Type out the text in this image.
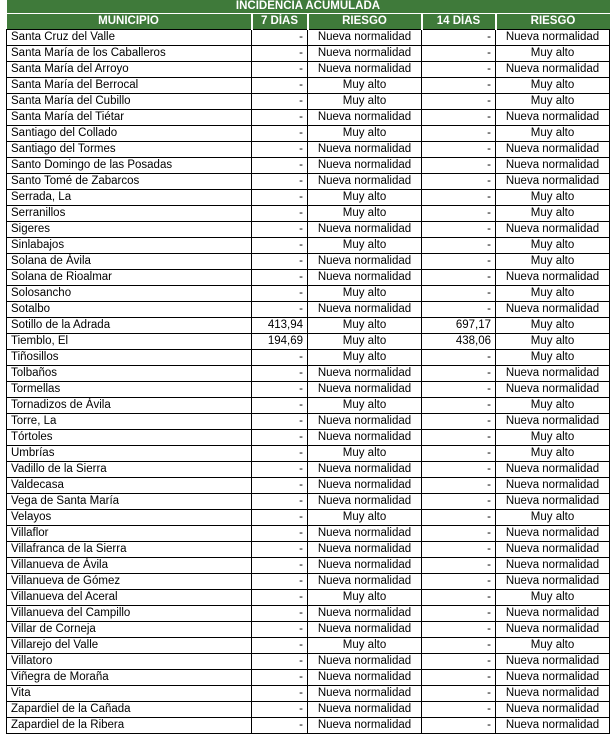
INCIDENCIA ACUMULADA				
MUNICIPIO	7 DÍAS	RIESGO	14 DÍAS	RIESGO
Santa Cruz del Valle	-	Nueva normalidad	-	Nueva normalidad
Santa María de los Caballeros	-	Nueva normalidad	-	Muy alto
Santa María del Arroyo	-	Nueva normalidad	-	Nueva normalidad
Santa María del Berrocal	-	Muy alto	-	Muy alto
Santa María del Cubillo	-	Muy alto	-	Muy alto
Santa María del Tiétar	-	Nueva normalidad	-	Nueva normalidad
Santiago del Collado	-	Muy alto	-	Muy alto
Santiago del Tormes	-	Nueva normalidad	-	Nueva normalidad
Santo Domingo de las Posadas	-	Nueva normalidad	-	Nueva normalidad
Santo Tomé de Zabarcos	-	Nueva normalidad	-	Nueva normalidad
Serrada, La	-	Muy alto	-	Muy alto
Serranillos	-	Muy alto	-	Muy alto
Sigeres	-	Nueva normalidad	-	Nueva normalidad
Sinlabajos	-	Muy alto	-	Muy alto
Solana de Ávila	-	Nueva normalidad	-	Muy alto
Solana de Rioalmar	-	Nueva normalidad	-	Nueva normalidad
Solosancho	-	Muy alto	-	Muy alto
Sotalbo	-	Nueva normalidad	-	Nueva normalidad
Sotillo de la Adrada	413,94	Muy alto	697,17	Muy alto
Tiemblo, El	194,69	Muy alto	438,06	Muy alto
Tiñosillos	-	Muy alto	-	Muy alto
Tolbaños	-	Nueva normalidad	-	Nueva normalidad
Tormellas	-	Nueva normalidad	-	Nueva normalidad
Tornadizos de Ávila	-	Muy alto	-	Muy alto
Torre, La	-	Nueva normalidad	-	Nueva normalidad
Tórtoles	-	Nueva normalidad	-	Muy alto
Umbrías	-	Muy alto	-	Muy alto
Vadillo de la Sierra	-	Nueva normalidad	-	Nueva normalidad
Valdecasa	-	Nueva normalidad	-	Nueva normalidad
Vega de Santa María	-	Nueva normalidad	-	Nueva normalidad
Velayos	-	Muy alto	-	Muy alto
Villaflor	-	Nueva normalidad	-	Nueva normalidad
Villafranca de la Sierra	-	Nueva normalidad	-	Nueva normalidad
Villanueva de Ávila	-	Nueva normalidad	-	Nueva normalidad
Villanueva de Gómez	-	Nueva normalidad	-	Nueva normalidad
Villanueva del Aceral	-	Muy alto	-	Muy alto
Villanueva del Campillo	-	Nueva normalidad	-	Nueva normalidad
Villar de Corneja	-	Nueva normalidad	-	Nueva normalidad
Villarejo del Valle	-	Muy alto	-	Muy alto
Villatoro	-	Nueva normalidad	-	Nueva normalidad
Viñegra de Moraña	-	Nueva normalidad	-	Nueva normalidad
Vita	-	Nueva normalidad	-	Nueva normalidad
Zapardiel de la Cañada	-	Nueva normalidad	-	Nueva normalidad
Zapardiel de la Ribera	-	Nueva normalidad	-	Nueva normalidad
